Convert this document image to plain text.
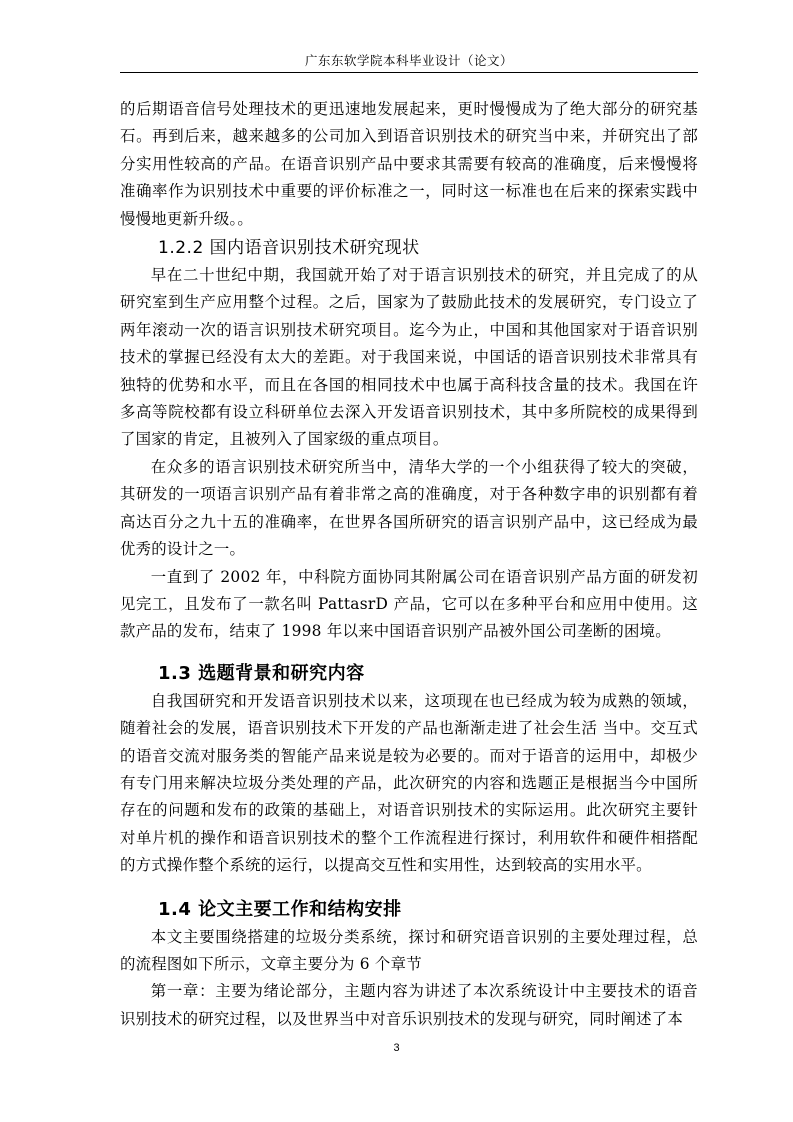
广东东软学院本科毕业设计（论文）

的后期语音信号处理技术的更迅速地发展起来，更时慢慢成为了绝大部分的研究基石。再到后来，越来越多的公司加入到语音识别技术的研究当中来，并研究出了部分实用性较高的产品。在语音识别产品中要求其需要有较高的准确度，后来慢慢将准确率作为识别技术中重要的评价标准之一，同时这一标准也在后来的探索实践中慢慢地更新升级。。

1.2.2 国内语音识别技术研究现状

早在二十世纪中期，我国就开始了对于语言识别技术的研究，并且完成了的从研究室到生产应用整个过程。之后，国家为了鼓励此技术的发展研究，专门设立了两年滚动一次的语言识别技术研究项目。迄今为止，中国和其他国家对于语音识别技术的掌握已经没有太大的差距。对于我国来说，中国话的语音识别技术非常具有独特的优势和水平，而且在各国的相同技术中也属于高科技含量的技术。我国在许多高等院校都有设立科研单位去深入开发语音识别技术，其中多所院校的成果得到了国家的肯定，且被列入了国家级的重点项目。

在众多的语言识别技术研究所当中，清华大学的一个小组获得了较大的突破，其研发的一项语言识别产品有着非常之高的准确度，对于各种数字串的识别都有着高达百分之九十五的准确率，在世界各国所研究的语言识别产品中，这已经成为最优秀的设计之一。

一直到了 2002 年，中科院方面协同其附属公司在语音识别产品方面的研发初见完工，且发布了一款名叫 PattasrD 产品，它可以在多种平台和应用中使用。这款产品的发布，结束了 1998 年以来中国语音识别产品被外国公司垄断的困境。

1.3 选题背景和研究内容

自我国研究和开发语音识别技术以来，这项现在也已经成为较为成熟的领域，随着社会的发展，语音识别技术下开发的产品也渐渐走进了社会生活 当中。交互式的语音交流对服务类的智能产品来说是较为必要的。而对于语音的运用中，却极少有专门用来解决垃圾分类处理的产品，此次研究的内容和选题正是根据当今中国所存在的问题和发布的政策的基础上，对语音识别技术的实际运用。此次研究主要针对单片机的操作和语音识别技术的整个工作流程进行探讨，利用软件和硬件相搭配的方式操作整个系统的运行，以提高交互性和实用性，达到较高的实用水平。

1.4 论文主要工作和结构安排

本文主要围绕搭建的垃圾分类系统，探讨和研究语音识别的主要处理过程，总的流程图如下所示，文章主要分为 6 个章节

第一章：主要为绪论部分，主题内容为讲述了本次系统设计中主要技术的语音识别技术的研究过程，以及世界当中对音乐识别技术的发现与研究，同时阐述了本

3
